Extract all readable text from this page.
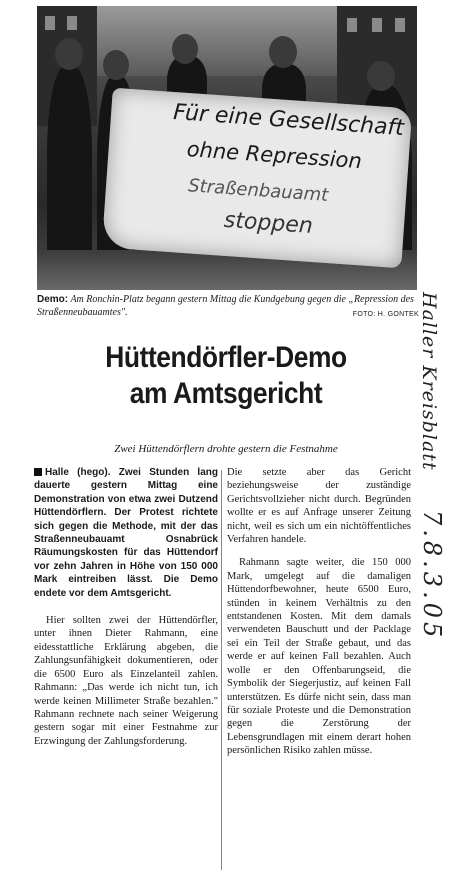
Für eine Gesellschaft
ohne Repression
Straßenbauamt
stoppen
Demo: Am Ronchin-Platz begann gestern Mittag die Kundgebung gegen die „Repression des Straßenneubauamtes".	FOTO: H. GONTEK
Hüttendörfler-Demo
am Amtsgericht
Zwei Hüttendörflern drohte gestern die Festnahme

Halle (hego). Zwei Stunden lang dauerte gestern Mittag eine Demonstration von etwa zwei Dutzend Hüttendörflern. Der Protest richtete sich gegen die Methode, mit der das Straßenneubauamt Osnabrück Räumungskosten für das Hüttendorf vor zehn Jahren in Höhe von 150 000 Mark eintreiben lässt. Die Demo endete vor dem Amtsgericht.

Hier sollten zwei der Hüttendörfler, unter ihnen Dieter Rahmann, eine eidesstattliche Erklärung abgeben, die Zahlungsunfähigkeit dokumentieren, oder die 6500 Euro als Einzelanteil zahlen. Rahmann: „Das werde ich nicht tun, ich werde keinen Millimeter Straße bezahlen." Rahmann rechnete nach seiner Weigerung gestern sogar mit einer Festnahme zur Erzwingung der Zahlungsforderung.

Die setzte aber das Gericht beziehungsweise der zuständige Gerichtsvollzieher nicht durch. Begründen wollte er es auf Anfrage unserer Zeitung nicht, weil es sich um ein nichtöffentliches Verfahren handele.

Rahmann sagte weiter, die 150 000 Mark, umgelegt auf die damaligen Hüttendorfbewohner, heute 6500 Euro, stünden in keinem Verhältnis zu den entstandenen Kosten. Mit dem damals verwendeten Bauschutt und der Packlage sei ein Teil der Straße gebaut, und das werde er auf keinen Fall bezahlen. Auch wolle er den Offenbarungseid, die Symbolik der Siegerjustiz, auf keinen Fall unterstützen. Es dürfe nicht sein, dass man für soziale Proteste und die Demonstration gegen die Zerstörung der Lebensgrundlagen mit einem derart hohen persönlichen Risiko zahlen müsse.

Haller Kreisblatt
7.8.3.05
